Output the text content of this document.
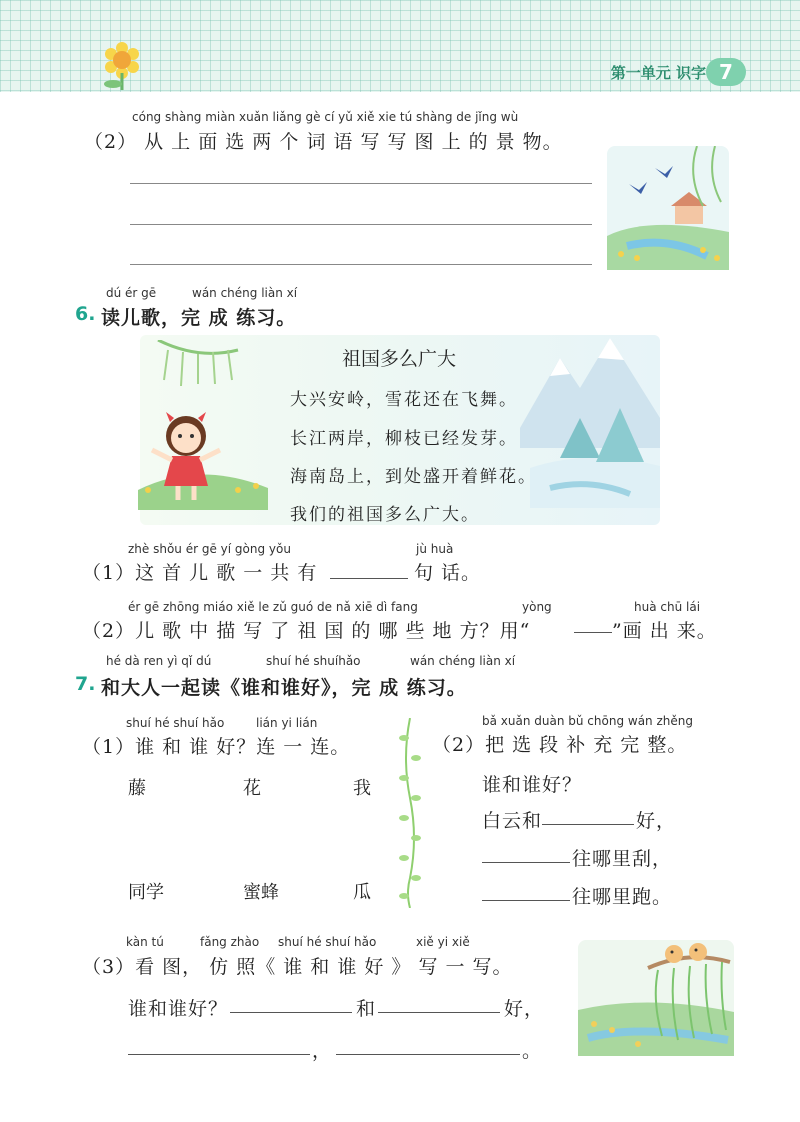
第一单元 识字 7
cóng shàng miàn xuǎn liǎng gè cí yǔ xiě xie tú shàng de jǐng wù
（2） 从 上 面 选 两 个 词 语 写 写 图 上 的 景 物。
dú ér gē	wán chéng liàn xí
6. 读儿歌，完 成 练习。
祖国多么广大
大兴安岭，雪花还在飞舞。
长江两岸，柳枝已经发芽。
海南岛上，到处盛开着鲜花。
我们的祖国多么广大。
zhè shǒu ér gē yí gòng yǒu	jù huà
（1）这 首 儿 歌 一 共 有	句 话。
ér gē zhōng miáo xiě le zǔ guó de nǎ xiē dì fang	yòng	huà chū lái
（2）儿 歌 中 描 写 了 祖 国 的 哪 些 地 方？用“	”画 出 来。
hé dà ren yì qǐ dú	shuí hé shuíhǎo	wán chéng liàn xí
7. 和大人一起读《谁和谁好》，完 成 练习。
shuí hé shuí hǎo	lián yi lián
（1）谁 和 谁 好？连 一 连。
藤	花	我
同学	蜜蜂	瓜
bǎ xuǎn duàn bǔ chōng wán zhěng
（2）把 选 段 补 充 完 整。
谁和谁好？
白云和	好，
往哪里刮，
往哪里跑。
kàn tú	fǎng zhào shuí hé shuí hǎo	xiě yi xiě
（3）看 图， 仿 照《 谁 和 谁 好 》 写 一 写。
谁和谁好？	和	好，
，	。
